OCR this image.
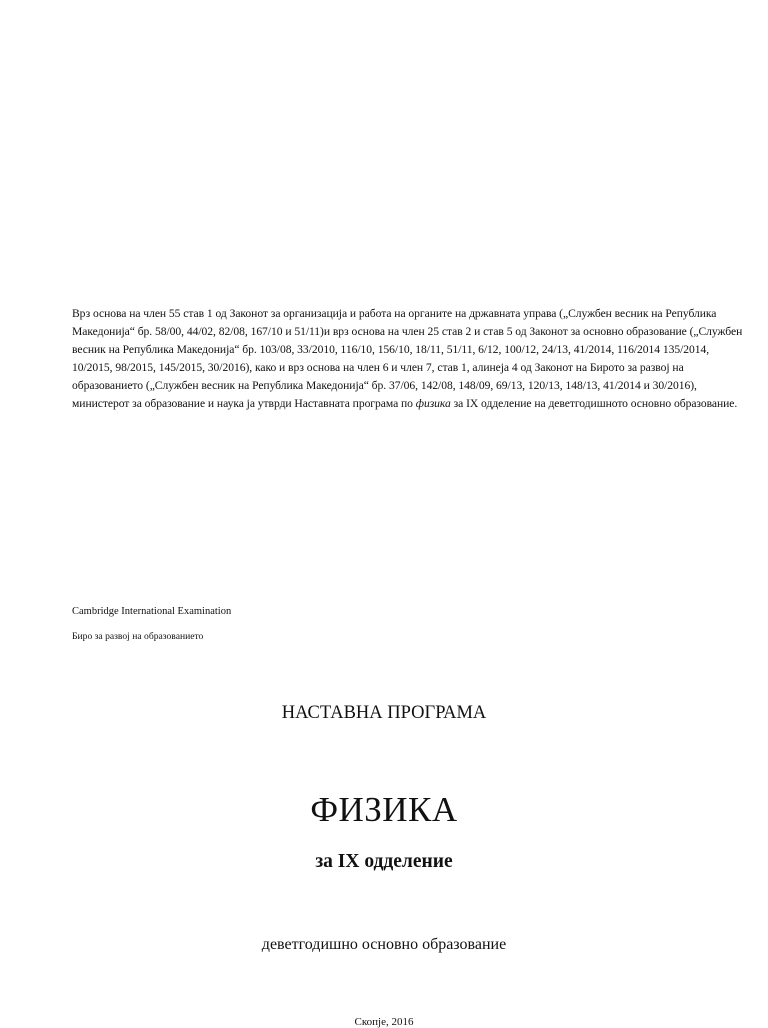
Врз основа на член 55 став 1 од Законот за организација и работа на органите на државната управа („Службен весник на Република Македонија“ бр. 58/00, 44/02, 82/08, 167/10 и 51/11)и врз основа на член 25 став 2 и став 5 од Законот за основно образование („Службен весник на Република Македонија“ бр. 103/08, 33/2010, 116/10, 156/10, 18/11, 51/11, 6/12, 100/12, 24/13, 41/2014, 116/2014 135/2014, 10/2015, 98/2015, 145/2015, 30/2016), како и врз основа на член 6 и член 7, став 1, алинеја 4 од Законот на Бирото за развој на образованието („Службен весник на Република Македонија“ бр. 37/06, 142/08, 148/09, 69/13, 120/13, 148/13, 41/2014 и 30/2016), министерот за образование и наука ја утврди Наставната програма по физика за IX одделение на деветгодишното основно образование.

Cambridge International Examination
Биро за развој на образованието
НАСТАВНА ПРОГРАМА
ФИЗИКА
за IX одделение
деветгодишно основно образование
Скопје, 2016
